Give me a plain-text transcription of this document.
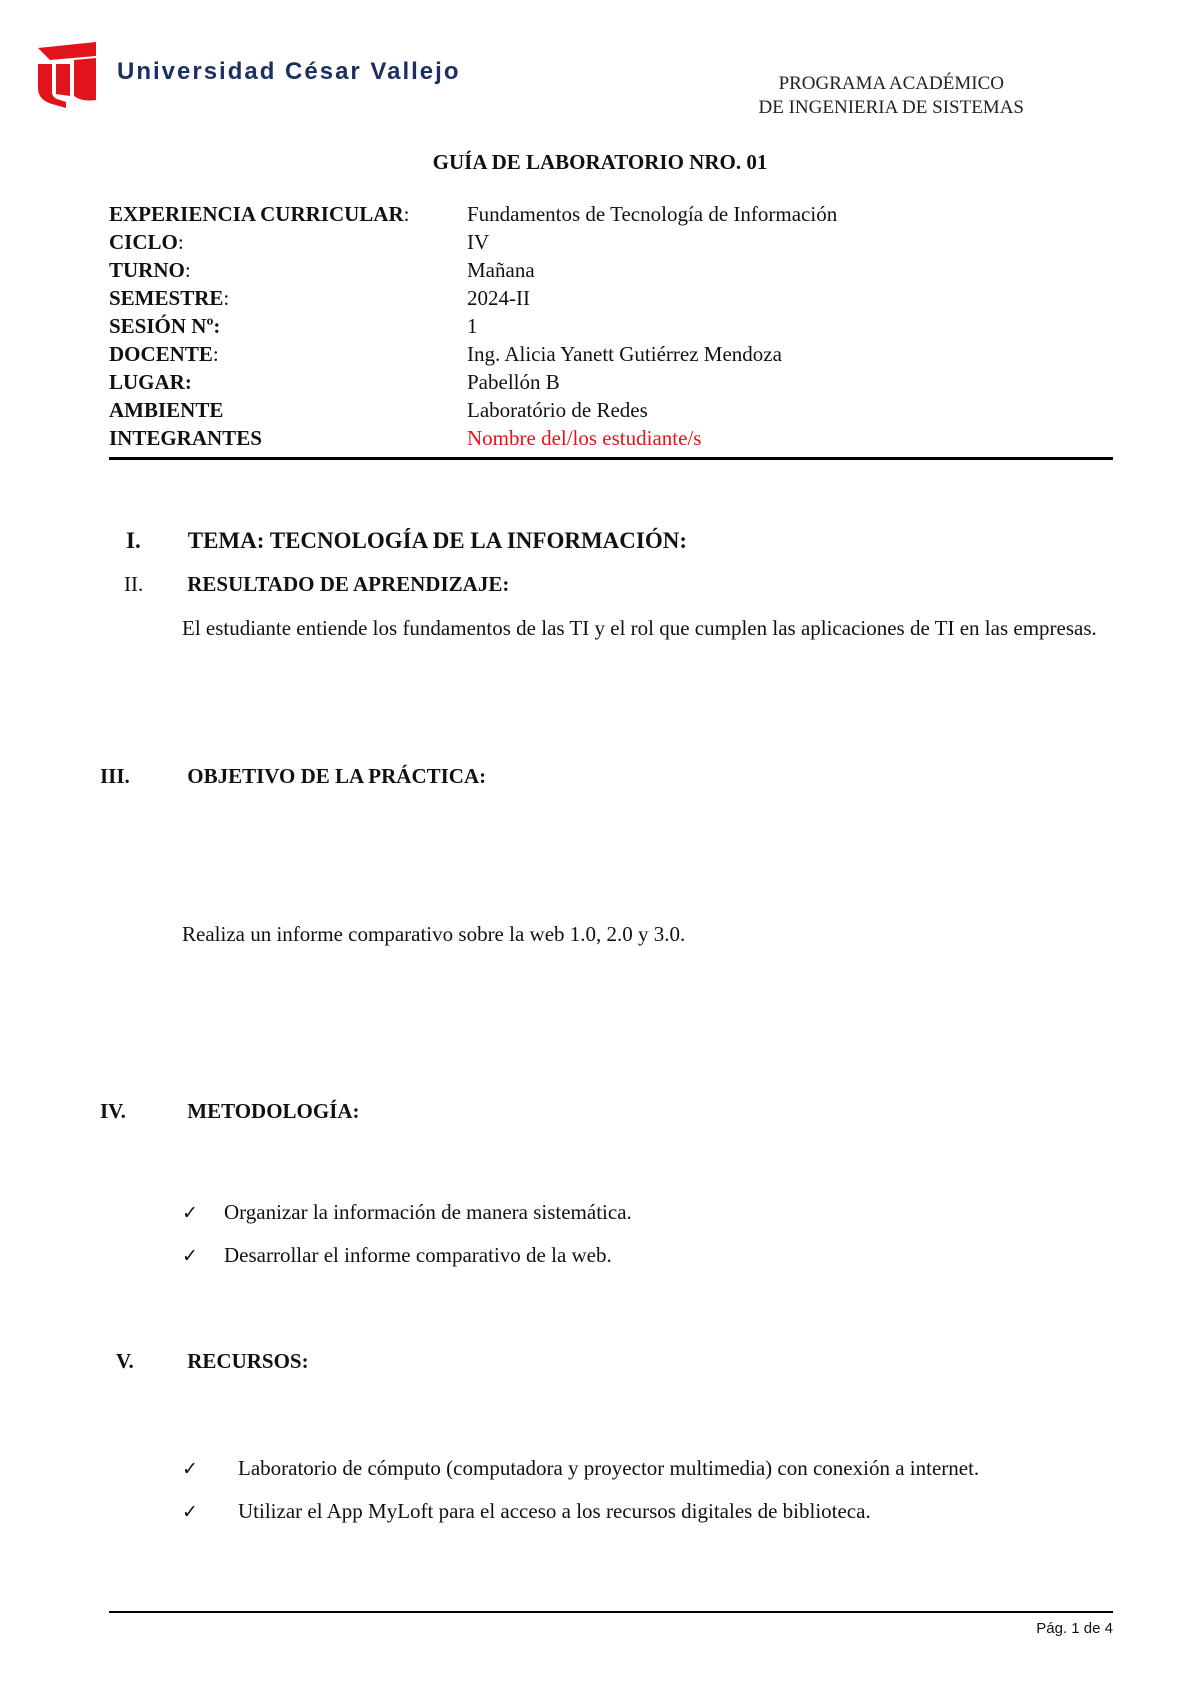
Universidad César Vallejo	PROGRAMA ACADÉMICO
DE INGENIERIA DE SISTEMAS
GUÍA DE LABORATORIO NRO. 01
EXPERIENCIA CURRICULAR:	Fundamentos de Tecnología de Información
CICLO:	IV
TURNO:	Mañana
SEMESTRE:	2024-II
SESIÓN Nº:	1
DOCENTE:	Ing. Alicia Yanett Gutiérrez Mendoza
LUGAR:	Pabellón B
AMBIENTE	Laboratório de Redes
INTEGRANTES	Nombre del/los estudiante/s
I. TEMA: TECNOLOGÍA DE LA INFORMACIÓN:
II. RESULTADO DE APRENDIZAJE:
El estudiante entiende los fundamentos de las TI y el rol que cumplen las aplicaciones de TI en las empresas.
III.	OBJETIVO DE LA PRÁCTICA:
Realiza un informe comparativo sobre la web 1.0, 2.0 y 3.0.
IV.	METODOLOGÍA:
✓	Organizar la información de manera sistemática.
✓	Desarrollar el informe comparativo de la web.
V.	RECURSOS:
✓	Laboratorio de cómputo (computadora y proyector multimedia) con conexión a internet.
✓	Utilizar el App MyLoft para el acceso a los recursos digitales de biblioteca.
Pág. 1 de 4
